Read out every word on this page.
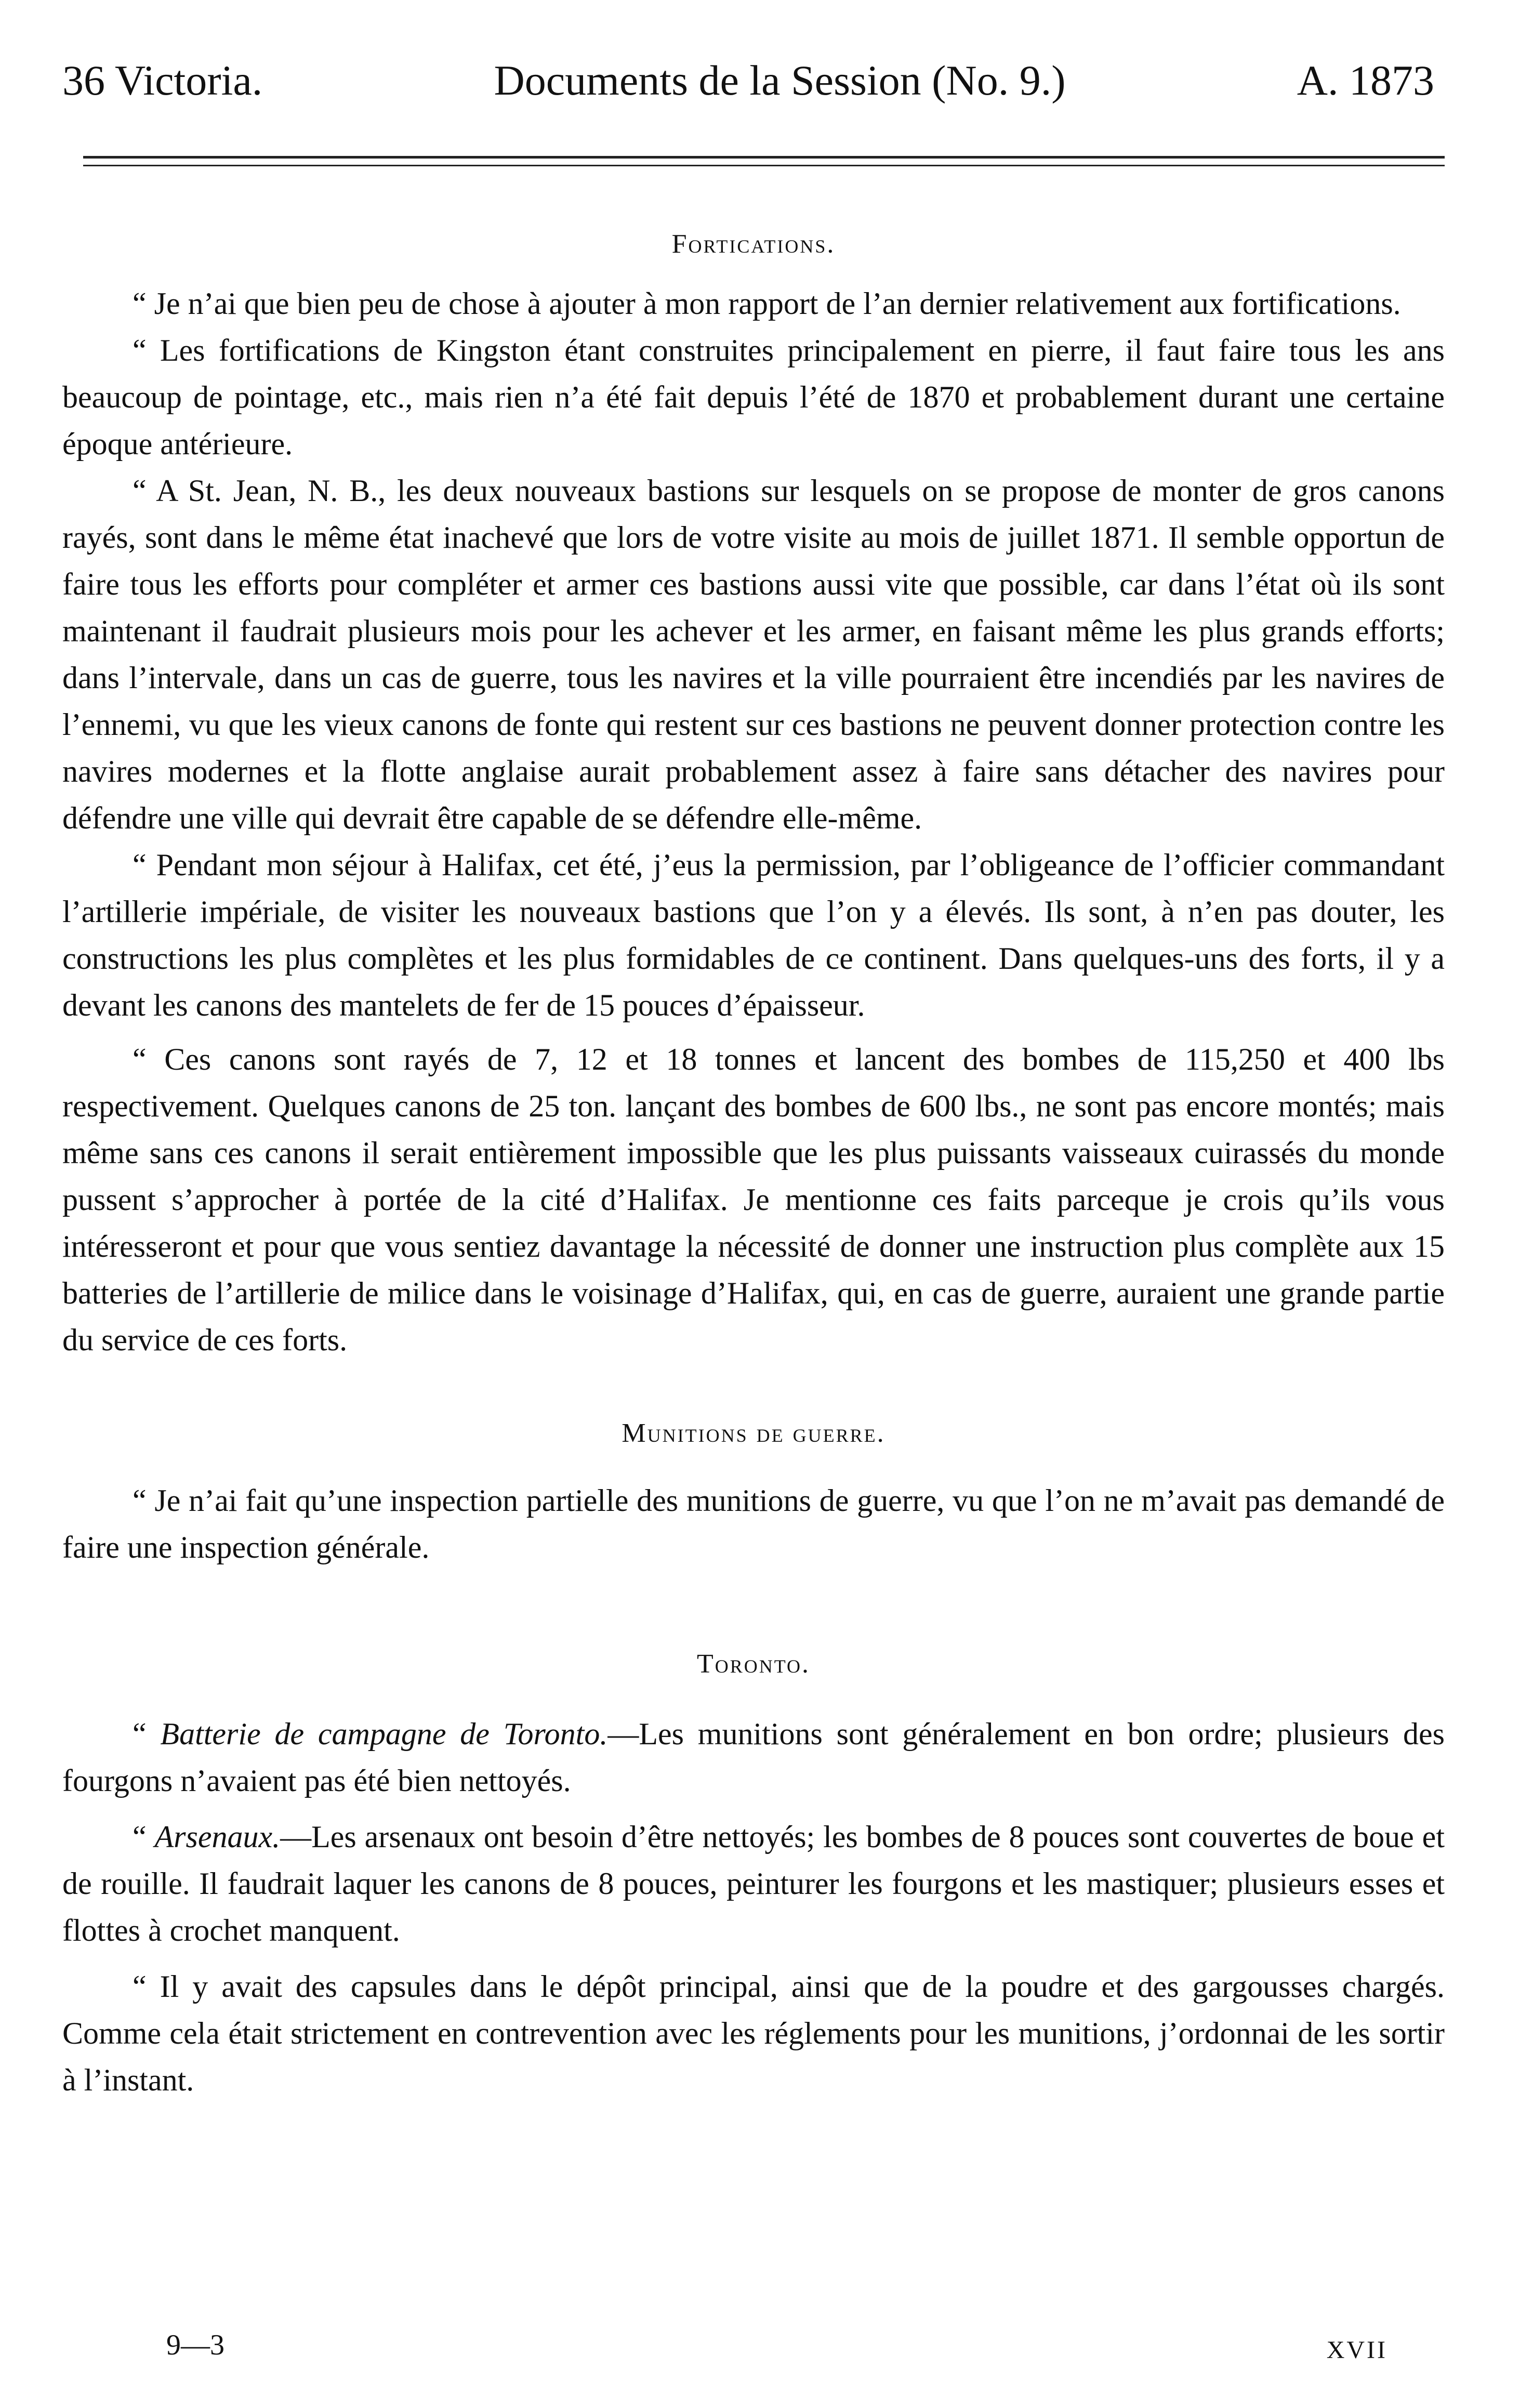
36 Victoria.	Documents de la Session (No. 9.)	A. 1873

Fortications.

“ Je n’ai que bien peu de chose à ajouter à mon rapport de l’an dernier relativement aux fortifications.

“ Les fortifications de Kingston étant construites principalement en pierre, il faut faire tous les ans beaucoup de pointage, etc., mais rien n’a été fait depuis l’été de 1870 et probablement durant une certaine époque antérieure.

“ A St. Jean, N. B., les deux nouveaux bastions sur lesquels on se propose de monter de gros canons rayés, sont dans le même état inachevé que lors de votre visite au mois de juillet 1871. Il semble opportun de faire tous les efforts pour compléter et armer ces bastions aussi vite que possible, car dans l’état où ils sont maintenant il faudrait plusieurs mois pour les achever et les armer, en faisant même les plus grands efforts; dans l’intervale, dans un cas de guerre, tous les navires et la ville pourraient être incendiés par les navires de l’ennemi, vu que les vieux canons de fonte qui restent sur ces bastions ne peuvent donner protection contre les navires modernes et la flotte anglaise aurait probablement assez à faire sans détacher des navires pour défendre une ville qui devrait être capable de se défendre elle-même.

“ Pendant mon séjour à Halifax, cet été, j’eus la permission, par l’obligeance de l’officier commandant l’artillerie impériale, de visiter les nouveaux bastions que l’on y a élevés. Ils sont, à n’en pas douter, les constructions les plus complètes et les plus formidables de ce continent. Dans quelques-uns des forts, il y a devant les canons des mantelets de fer de 15 pouces d’épaisseur.

“ Ces canons sont rayés de 7, 12 et 18 tonnes et lancent des bombes de 115,250 et 400 lbs respectivement. Quelques canons de 25 ton. lançant des bombes de 600 lbs., ne sont pas encore montés; mais même sans ces canons il serait entièrement impossible que les plus puissants vaisseaux cuirassés du monde pussent s’approcher à portée de la cité d’Halifax. Je mentionne ces faits parceque je crois qu’ils vous intéresseront et pour que vous sentiez davantage la nécessité de donner une instruction plus complète aux 15 batteries de l’artillerie de milice dans le voisinage d’Halifax, qui, en cas de guerre, auraient une grande partie du service de ces forts.

Munitions de guerre.

“ Je n’ai fait qu’une inspection partielle des munitions de guerre, vu que l’on ne m’avait pas demandé de faire une inspection générale.

Toronto.

“ Batterie de campagne de Toronto.—Les munitions sont généralement en bon ordre; plusieurs des fourgons n’avaient pas été bien nettoyés.

“ Arsenaux.—Les arsenaux ont besoin d’être nettoyés; les bombes de 8 pouces sont couvertes de boue et de rouille. Il faudrait laquer les canons de 8 pouces, peinturer les fourgons et les mastiquer; plusieurs esses et flottes à crochet manquent.

“ Il y avait des capsules dans le dépôt principal, ainsi que de la poudre et des gargousses chargés. Comme cela était strictement en contrevention avec les réglements pour les munitions, j’ordonnai de les sortir à l’instant.

9—3	XVII
